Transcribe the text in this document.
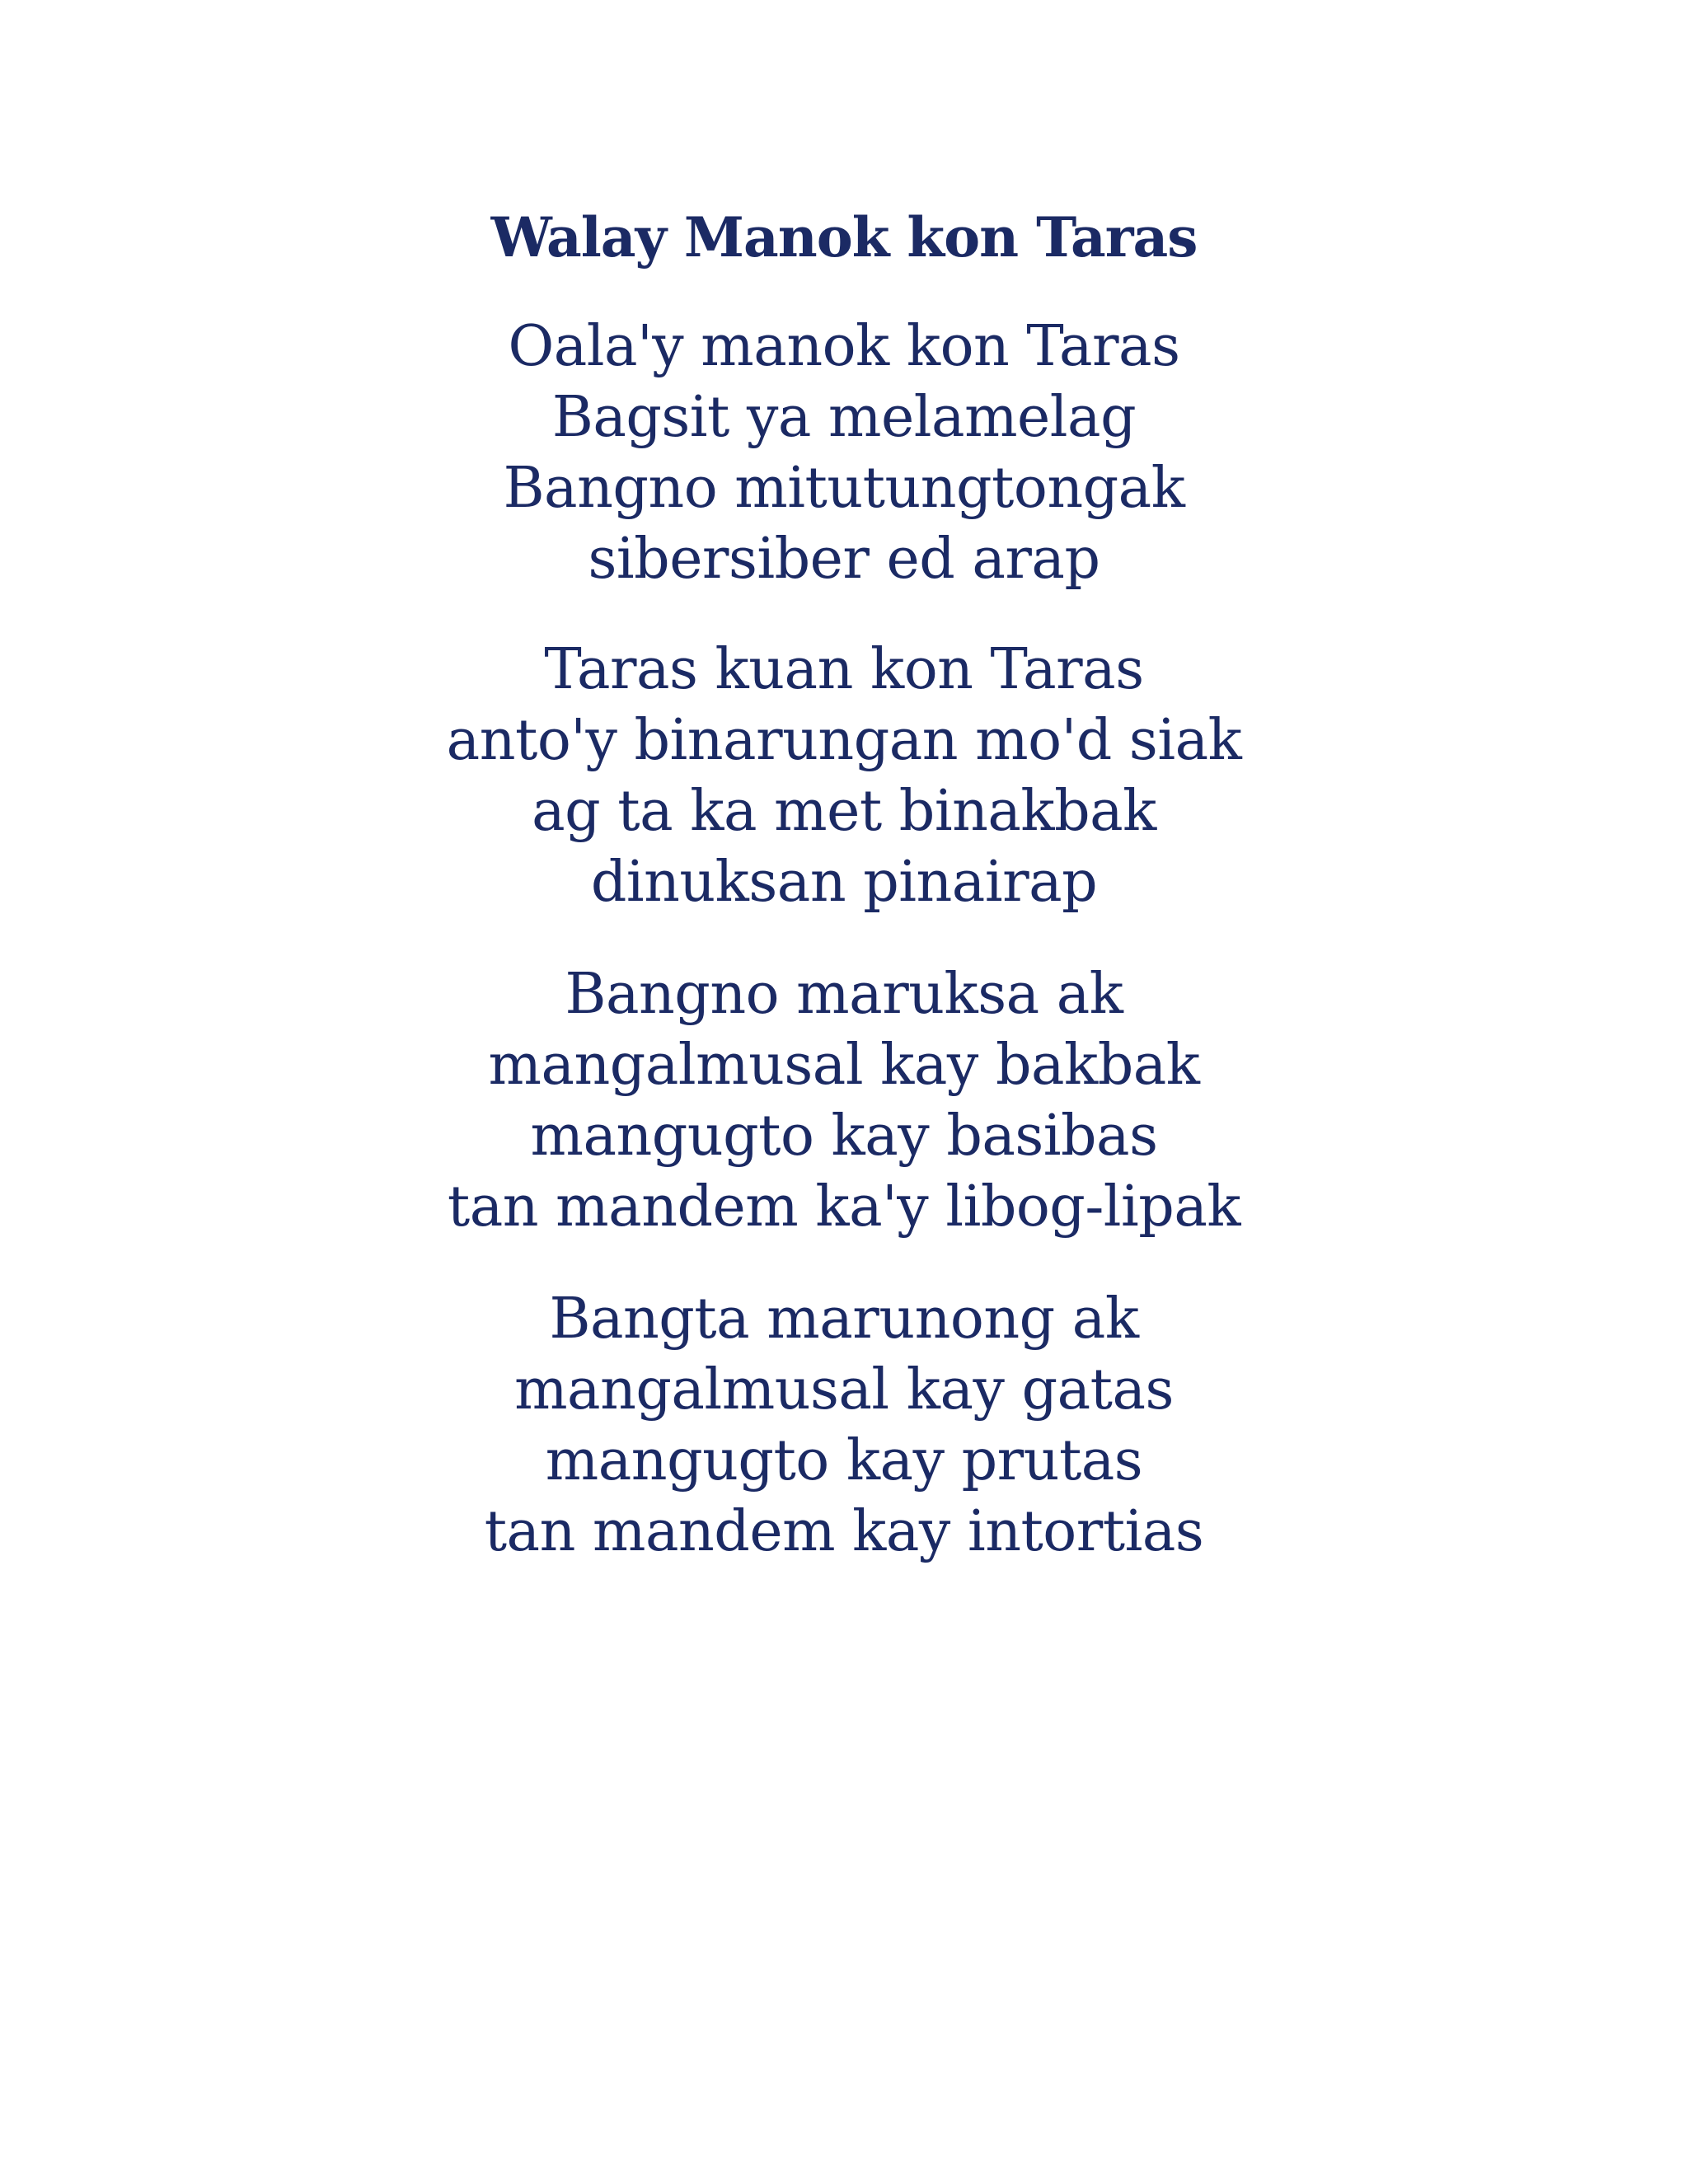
Walay Manok kon Taras
Oala'y manok kon Taras
Bagsit ya melamelag
Bangno mitutungtongak
sibersiber ed arap
Taras kuan kon Taras
anto'y binarungan mo'd siak
ag ta ka met binakbak
dinuksan pinairap
Bangno maruksa ak
mangalmusal kay bakbak
mangugto kay basibas
tan mandem ka'y libog-lipak
Bangta marunong ak
mangalmusal kay gatas
mangugto kay prutas
tan mandem kay intortias
